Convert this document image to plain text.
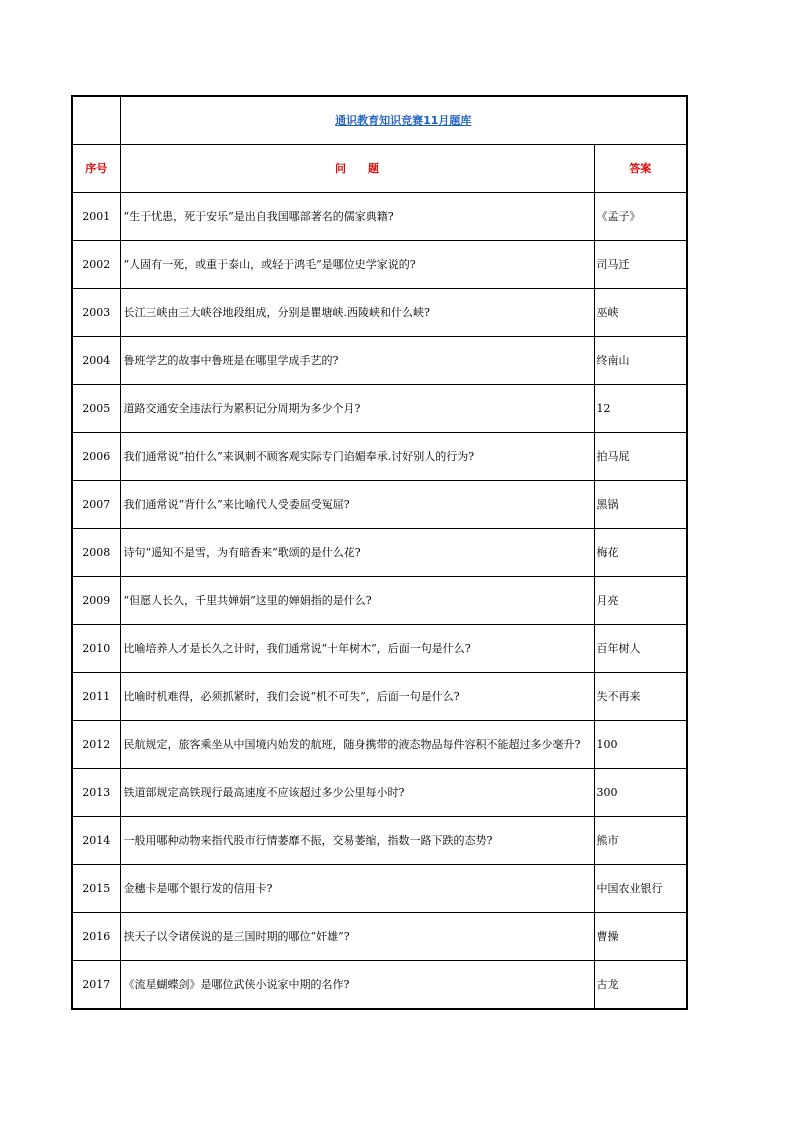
	通识教育知识竞赛11月题库	
序号	问　　题	答案
2001	“生于忧患，死于安乐”是出自我国哪部著名的儒家典籍?	《孟子》
2002	“人固有一死，或重于泰山，或轻于鸿毛”是哪位史学家说的?	司马迁
2003	长江三峡由三大峡谷地段组成，分别是瞿塘峡.西陵峡和什么峡?	巫峡
2004	鲁班学艺的故事中鲁班是在哪里学成手艺的?	终南山
2005	道路交通安全违法行为累积记分周期为多少个月?	12
2006	我们通常说“拍什么”来讽刺不顾客观实际专门谄媚奉承.讨好别人的行为?	拍马屁
2007	我们通常说“背什么”来比喻代人受委屈受冤屈?	黑锅
2008	诗句“遥知不是雪，为有暗香来”歌颂的是什么花?	梅花
2009	“但愿人长久，千里共婵娟”这里的婵娟指的是什么?	月亮
2010	比喻培养人才是长久之计时，我们通常说“十年树木”，后面一句是什么?	百年树人
2011	比喻时机难得，必须抓紧时，我们会说“机不可失”，后面一句是什么?	失不再来
2012	民航规定，旅客乘坐从中国境内始发的航班，随身携带的液态物品每件容积不能超过多少毫升?	100
2013	铁道部规定高铁现行最高速度不应该超过多少公里每小时?	300
2014	一般用哪种动物来指代股市行情萎靡不振，交易萎缩，指数一路下跌的态势?	熊市
2015	金穗卡是哪个银行发的信用卡?	中国农业银行
2016	挟天子以令诸侯说的是三国时期的哪位“奸雄”?	曹操
2017	《流星蝴蝶剑》是哪位武侠小说家中期的名作?	古龙
